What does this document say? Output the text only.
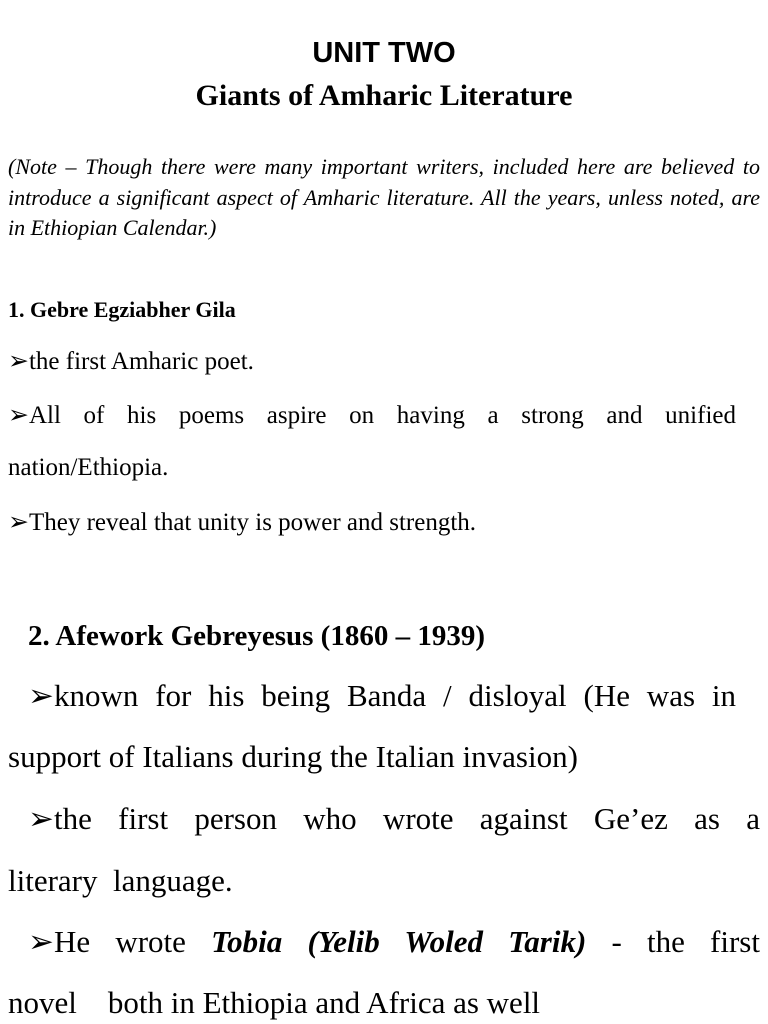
UNIT TWO
Giants of Amharic Literature
(Note – Though there were many important writers, included here are believed to introduce a significant aspect of Amharic literature. All the years, unless noted, are in Ethiopian Calendar.)
1. Gebre Egziabher Gila
➢the first Amharic poet.
➢All of his poems aspire on having a strong and unified
nation/Ethiopia.
➢They reveal that unity is power and strength.
2. Afework Gebreyesus (1860 – 1939)
➢known for his being Banda / disloyal (He was in
support of Italians during the Italian invasion)
➢the first person who wrote against Ge’ez as a
literary  language.
➢He wrote Tobia (Yelib Woled Tarik) - the first
novel    both in Ethiopia and Africa as well
